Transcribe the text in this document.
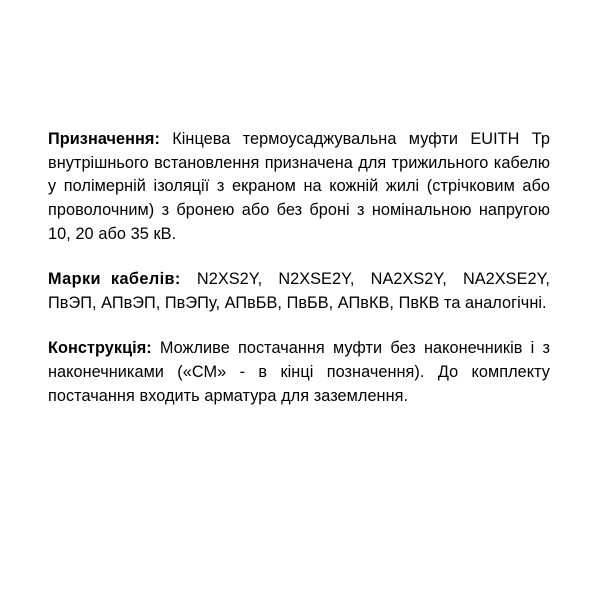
Призначення: Кінцева термоусаджувальна муфти EUITH Тр внутрішнього встановлення призначена для трижильного кабелю у полімерній ізоляції з екраном на кожній жилі (стрічковим або проволочним) з бронею або без броні з номінальною напругою 10, 20 або 35 кВ.

Марки кабелів: N2XS2Y, N2XSE2Y, NA2XS2Y, NA2XSE2Y, ПвЭП, АПвЭП, ПвЭПу, АПвБВ, ПвБВ, АПвКВ, ПвКВ та аналогічні.

Конструкція: Можливе постачання муфти без наконечників і з наконечниками («СМ» - в кінці позначення). До комплекту постачання входить арматура для заземлення.
